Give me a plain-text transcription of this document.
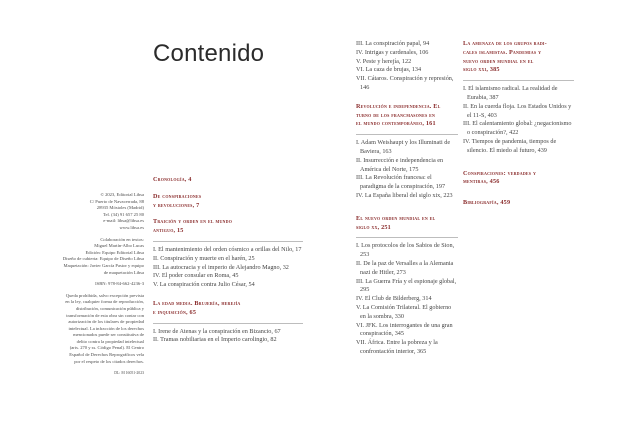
© 2023, Editorial Libsa
C/ Puerto de Navacerrada, 88
28935 Móstoles (Madrid)
Tel. (34) 91 657 25 80
e-mail: libsa@libsa.es
www.libsa.es

Colaboración en textos:
Miguel Martín-Albo Lucas
Edición: Equipo Editorial Libsa
Diseño de cubierta: Equipo de Diseño Libsa
Maquetación: Javier García Pastor y equipo
de maquetación Libsa

ISBN: 978-84-662-4236-3

Queda prohibida, salvo excepción prevista
en la ley, cualquier forma de reproducción,
distribución, comunicación pública y
transformación de esta obra sin contar con
autorización de los titulares de propiedad
intelectual. La infracción de los derechos
mencionados puede ser constitutiva de
delito contra la propiedad intelectual
(arts. 270 y ss. Código Penal). El Centro
Español de Derechos Reprográficos vela
por el respeto de los citados derechos.

DL: M 16051-2023
Contenido
Cronología, 4
De conspiraciones
y revoluciones, 7
Traición y orden en el mundo
antiguo, 15
I. El mantenimiento del orden cósmico a orillas del Nilo, 17
II. Conspiración y muerte en el harén, 25
III. La autocracia y el imperio de Alejandro Magno, 32
IV. El poder consular en Roma, 45
V. La conspiración contra Julio César, 54
La edad media. Brujería, herejía
e inquisición, 65
I. Irene de Atenas y la conspiración en Bizancio, 67
II. Tramas nobiliarias en el Imperio carolingio, 82
III. La conspiración papal, 94
IV. Intrigas y cardenales, 106
V. Peste y herejía, 122
VI. La caza de brujas, 134
VII. Cátaros. Conspiración y represión, 146
Revolución e independencia. El
turno de los francmasones en
el mundo contemporáneo, 161
I. Adam Weishaupt y los Illuminati de Baviera, 163
II. Insurrección e independencia en América del Norte, 175
III. La Revolución francesa: el paradigma de la conspiración, 197
IV. La España liberal del siglo xix, 223
El nuevo orden mundial en el
siglo xx, 251
I. Los protocolos de los Sabios de Sion, 253
II. De la paz de Versalles a la Alemania nazi de Hitler, 273
III. La Guerra Fría y el espionaje global, 295
IV. El Club de Bilderberg, 314
V. La Comisión Trilateral. El gobierno en la sombra, 330
VI. JFK. Los interrogantes de una gran conspiración, 345
VII. África. Entre la pobreza y la confrontación interior, 365
La amenaza de los grupos radi-
cales islamistas. Pandemias y
nuevo orden mundial en el
siglo xxi, 385
I. El islamismo radical. La realidad de Eurabia, 387
II. En la cuerda floja. Los Estados Unidos y el 11-S, 403
III. El calentamiento global: ¿negacionismo o conspiración?, 422
IV. Tiempos de pandemia, tiempos de silencio. El miedo al futuro, 439
Conspiraciones: verdades y
mentiras, 456
Bibliografía, 459
